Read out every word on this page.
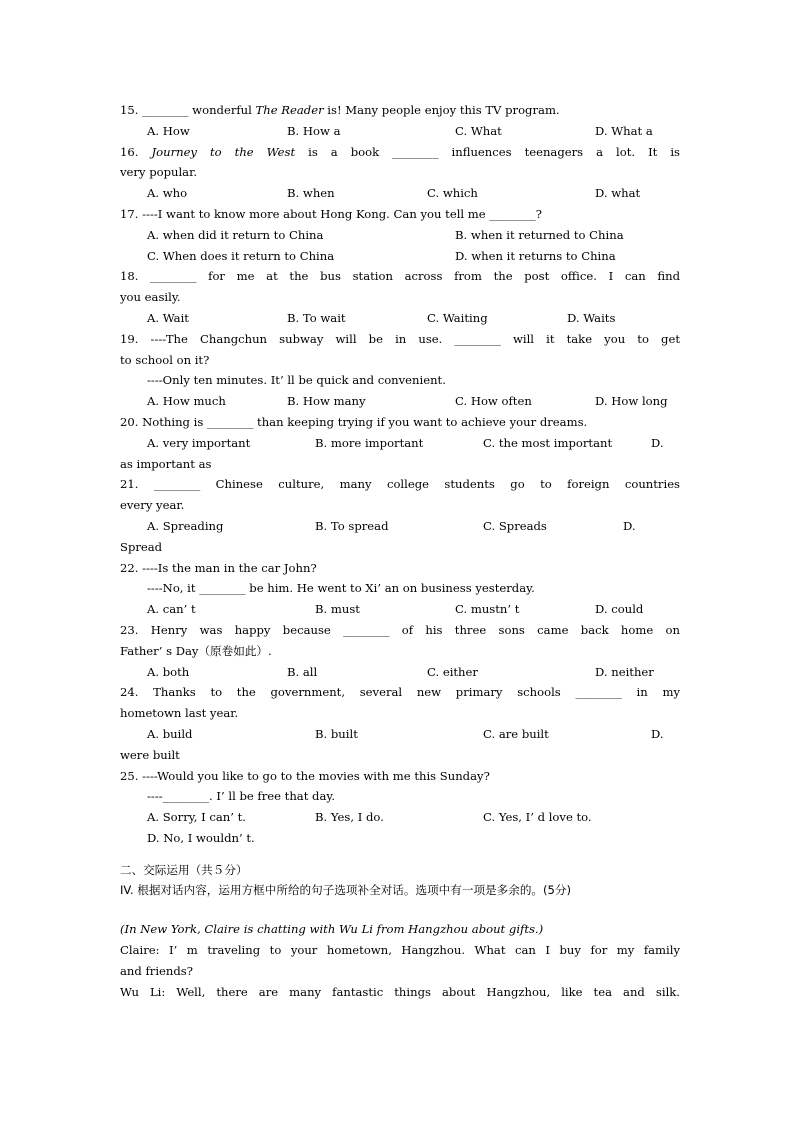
15. ________ wonderful The Reader is! Many people enjoy this TV program.
A. How	B. How a	C. What	D. What a
16. Journey to the West is a book ________ influences teenagers a lot. It is
very popular.
A. who	B. when	C. which	D. what
17. ----I want to know more about Hong Kong. Can you tell me ________?
A. when did it return to China	B. when it returned to China
C. When does it return to China	D. when it returns to China
18. ________ for me at the bus station across from the post office. I can find
you easily.
A. Wait	B. To wait	C. Waiting	D. Waits
19. ----The Changchun subway will be in use. ________ will it take you to get
to school on it?
----Only ten minutes. It’ ll be quick and convenient.
A. How much	B. How many	C. How often	D. How long
20. Nothing is ________ than keeping trying if you want to achieve your dreams.
A. very important	B. more important	C. the most important	D.
as important as
21. ________ Chinese culture, many college students go to foreign countries
every year.
A. Spreading	B. To spread	C. Spreads	D.
Spread
22. ----Is the man in the car John?
----No, it ________ be him. He went to Xi’ an on business yesterday.
A. can’ t	B. must	C. mustn’ t	D. could
23. Henry was happy because ________ of his three sons came back home on
Father’ s Day（原卷如此）.
A. both	B. all	C. either	D. neither
24. Thanks to the government, several new primary schools ________ in my
hometown last year.
A. build	B. built	C. are built	D.
were built
25. ----Would you like to go to the movies with me this Sunday?
----________. I’ ll be free that day.
A. Sorry, I can’ t.	B. Yes, I do.	C. Yes, I’ d love to.
D. No, I wouldn’ t.
二、交际运用（共５分）
IV. 根据对话内容，运用方框中所给的句子选项补全对话。选项中有一项是多余的。(5分)
(In New York, Claire is chatting with Wu Li from Hangzhou about gifts.)
Claire: I’ m traveling to your hometown, Hangzhou. What can I buy for my family
and friends?
Wu Li: Well, there are many fantastic things about Hangzhou, like tea and silk.
